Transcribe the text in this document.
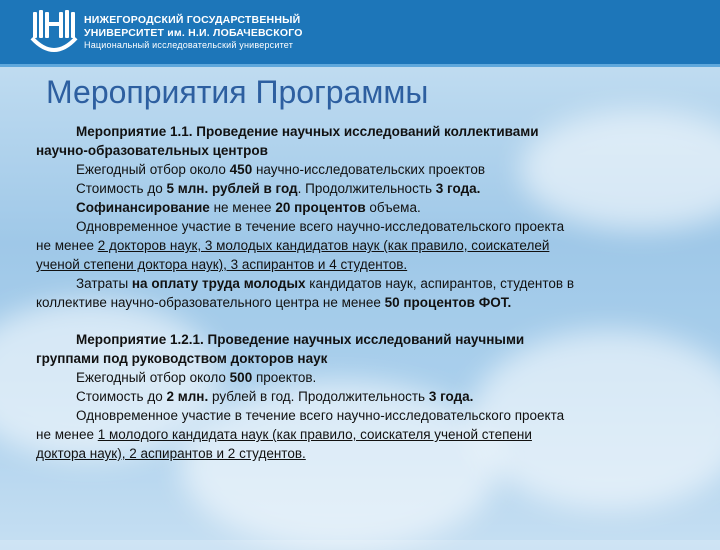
НИЖЕГОРОДСКИЙ ГОСУДАРСТВЕННЫЙ
УНИВЕРСИТЕТ им. Н.И. ЛОБАЧЕВСКОГО
Национальный исследовательский университет
Мероприятия Программы

Мероприятие 1.1. Проведение научных исследований коллективами

научно-образовательных центров

Ежегодный отбор около 450 научно-исследовательских проектов

Стоимость до 5 млн. рублей в год. Продолжительность 3 года.

Софинансирование не менее 20 процентов объема.

Одновременное участие в течение всего научно-исследовательского проекта

не менее 2 докторов наук, 3 молодых кандидатов наук (как правило, соискателей

ученой степени доктора наук), 3 аспирантов и 4 студентов.

Затраты на оплату труда молодых кандидатов наук, аспирантов, студентов в

коллективе научно-образовательного центра не менее 50 процентов ФОТ.

Мероприятие 1.2.1. Проведение научных исследований научными

группами под руководством докторов наук

Ежегодный отбор около 500 проектов.

Стоимость до 2 млн. рублей в год. Продолжительность 3 года.

Одновременное участие в течение всего научно-исследовательского проекта

не менее 1 молодого кандидата наук (как правило, соискателя ученой степени

доктора наук), 2 аспирантов и 2 студентов.
